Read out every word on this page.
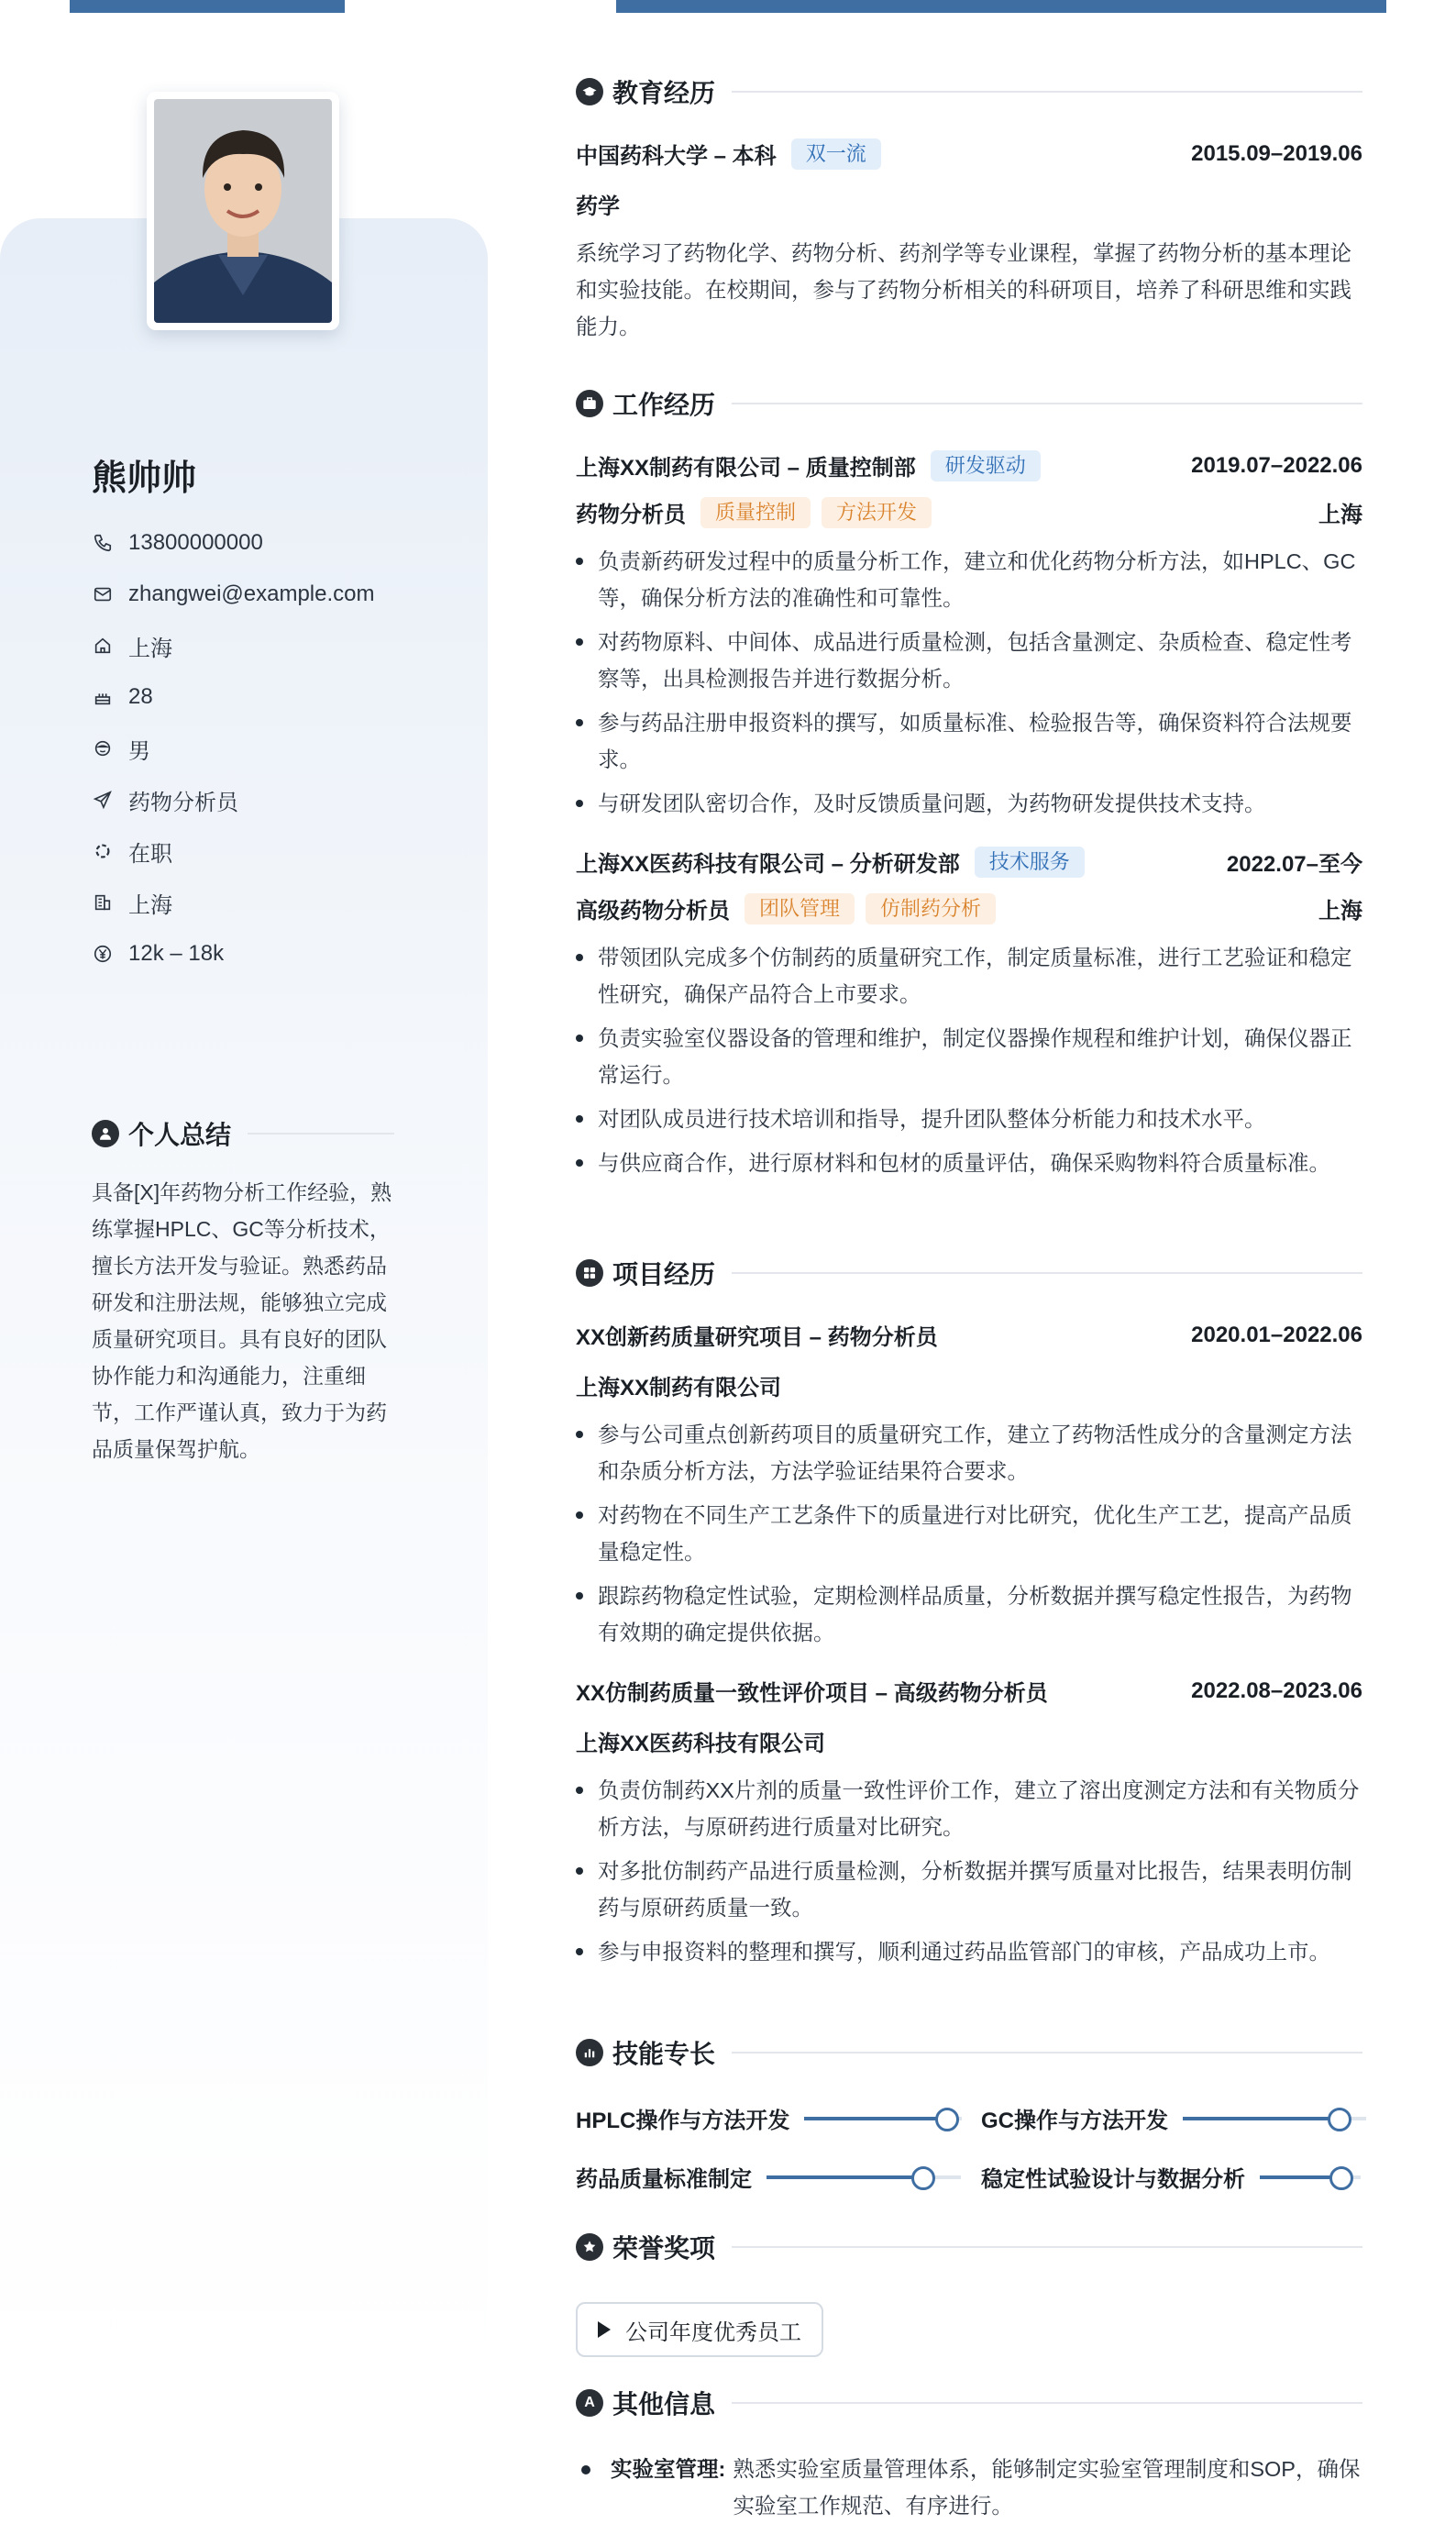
熊帅帅
13800000000
zhangwei@example.com
上海
28
男
药物分析员
在职
上海
12k – 18k
个人总结
具备[X]年药物分析工作经验，熟练掌握HPLC、GC等分析技术，擅长方法开发与验证。熟悉药品研发和注册法规，能够独立完成质量研究项目。具有良好的团队协作能力和沟通能力，注重细节，工作严谨认真，致力于为药品质量保驾护航。
教育经历
中国药科大学 – 本科	双一流	2015.09–2019.06
药学
系统学习了药物化学、药物分析、药剂学等专业课程，掌握了药物分析的基本理论和实验技能。在校期间，参与了药物分析相关的科研项目，培养了科研思维和实践能力。
工作经历
上海XX制药有限公司 – 质量控制部	研发驱动	2019.07–2022.06
药物分析员	质量控制	方法开发	上海
负责新药研发过程中的质量分析工作，建立和优化药物分析方法，如HPLC、GC等，确保分析方法的准确性和可靠性。
对药物原料、中间体、成品进行质量检测，包括含量测定、杂质检查、稳定性考察等，出具检测报告并进行数据分析。
参与药品注册申报资料的撰写，如质量标准、检验报告等，确保资料符合法规要求。
与研发团队密切合作，及时反馈质量问题，为药物研发提供技术支持。
上海XX医药科技有限公司 – 分析研发部	技术服务	2022.07–至今
高级药物分析员	团队管理	仿制药分析	上海
带领团队完成多个仿制药的质量研究工作，制定质量标准，进行工艺验证和稳定性研究，确保产品符合上市要求。
负责实验室仪器设备的管理和维护，制定仪器操作规程和维护计划，确保仪器正常运行。
对团队成员进行技术培训和指导，提升团队整体分析能力和技术水平。
与供应商合作，进行原材料和包材的质量评估，确保采购物料符合质量标准。
项目经历
XX创新药质量研究项目 – 药物分析员	2020.01–2022.06
上海XX制药有限公司
参与公司重点创新药项目的质量研究工作，建立了药物活性成分的含量测定方法和杂质分析方法，方法学验证结果符合要求。
对药物在不同生产工艺条件下的质量进行对比研究，优化生产工艺，提高产品质量稳定性。
跟踪药物稳定性试验，定期检测样品质量，分析数据并撰写稳定性报告，为药物有效期的确定提供依据。
XX仿制药质量一致性评价项目 – 高级药物分析员	2022.08–2023.06
上海XX医药科技有限公司
负责仿制药XX片剂的质量一致性评价工作，建立了溶出度测定方法和有关物质分析方法，与原研药进行质量对比研究。
对多批仿制药产品进行质量检测，分析数据并撰写质量对比报告，结果表明仿制药与原研药质量一致。
参与申报资料的整理和撰写，顺利通过药品监管部门的审核，产品成功上市。
技能专长
HPLC操作与方法开发	GC操作与方法开发
药品质量标准制定	稳定性试验设计与数据分析
荣誉奖项
公司年度优秀员工
A 其他信息
实验室管理: 熟悉实验室质量管理体系，能够制定实验室管理制度和SOP，确保实验室工作规范、有序进行。
